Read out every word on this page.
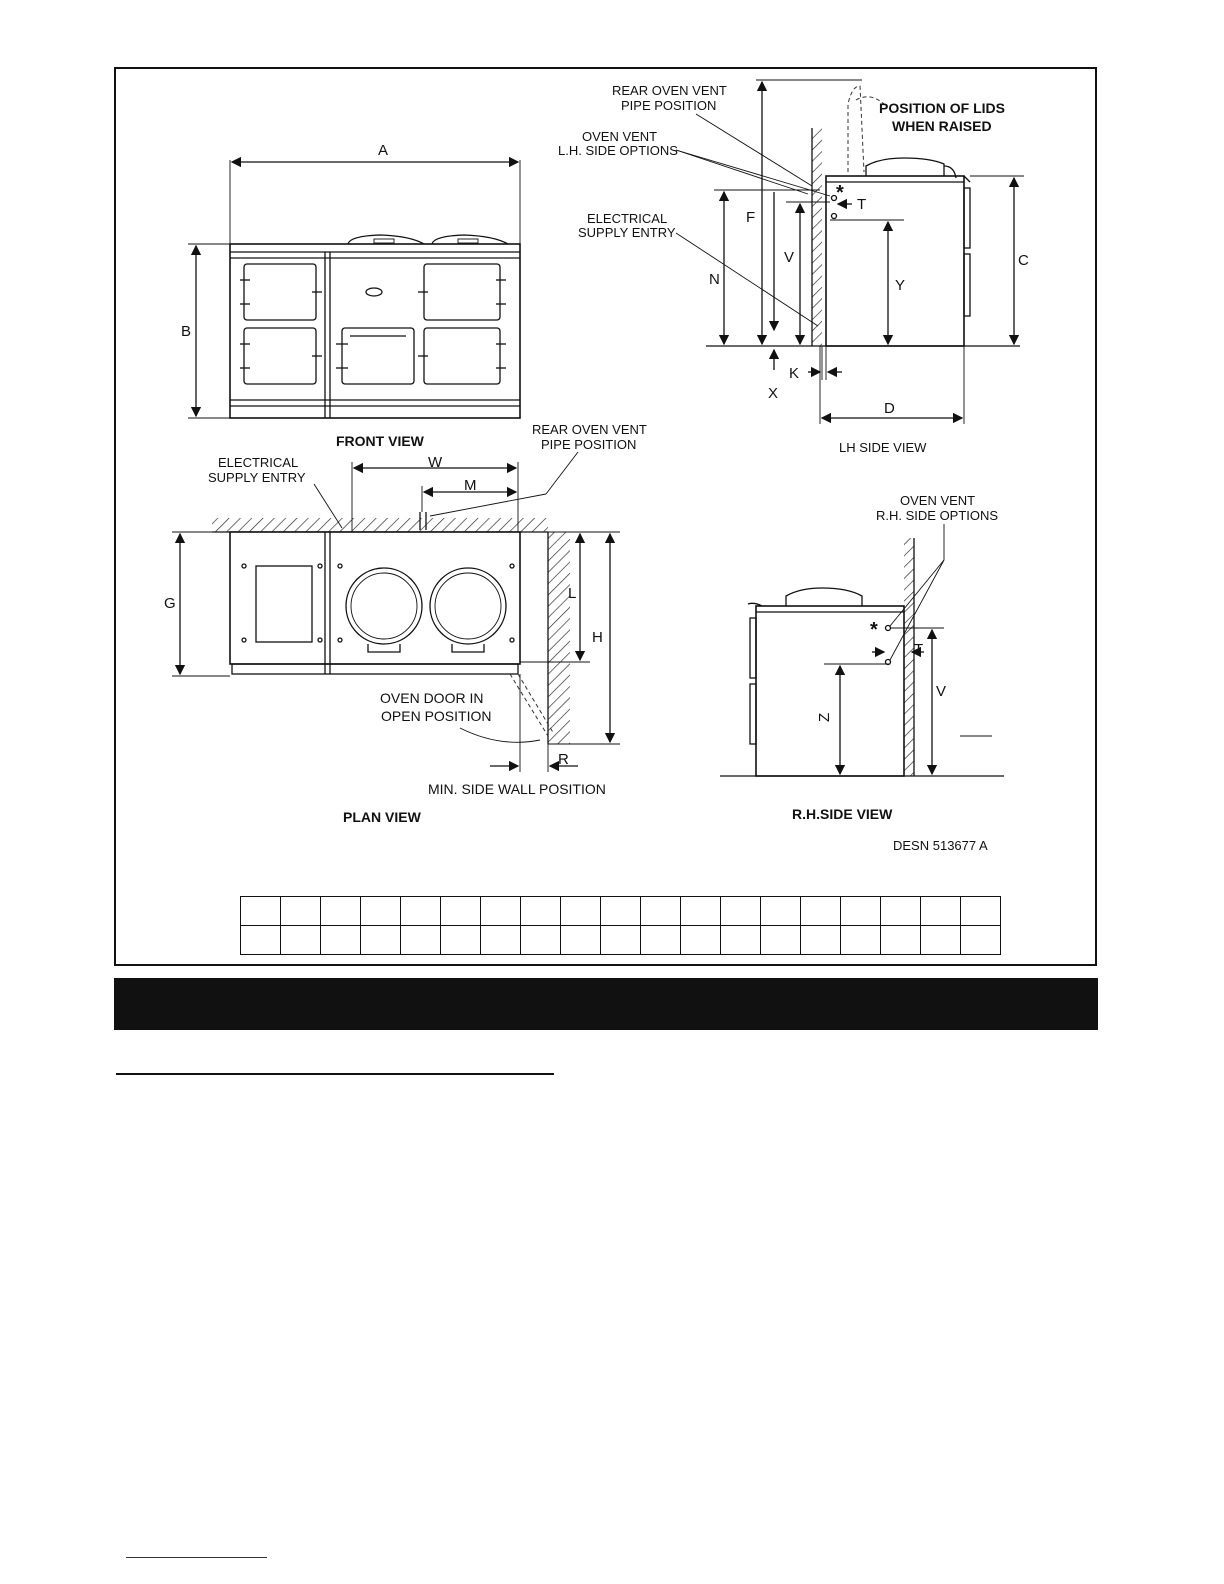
A
B
FRONT VIEW
REAR OVEN VENT
PIPE POSITION	POSITION OF LIDS
WHEN RAISED
OVEN VENT
L.H. SIDE OPTIONS
ELECTRICAL
SUPPLY ENTRY
*
T
F
V
N	Y
C
X
K
D
LH SIDE VIEW
ELECTRICAL
SUPPLY ENTRY
REAR OVEN VENT
PIPE POSITION
W
M
G
L
H
R
OVEN DOOR IN
OPEN POSITION
MIN. SIDE WALL POSITION
PLAN VIEW
OVEN VENT
R.H. SIDE OPTIONS
*
T
V
Z
R.H.SIDE VIEW
DESN 513677 A
